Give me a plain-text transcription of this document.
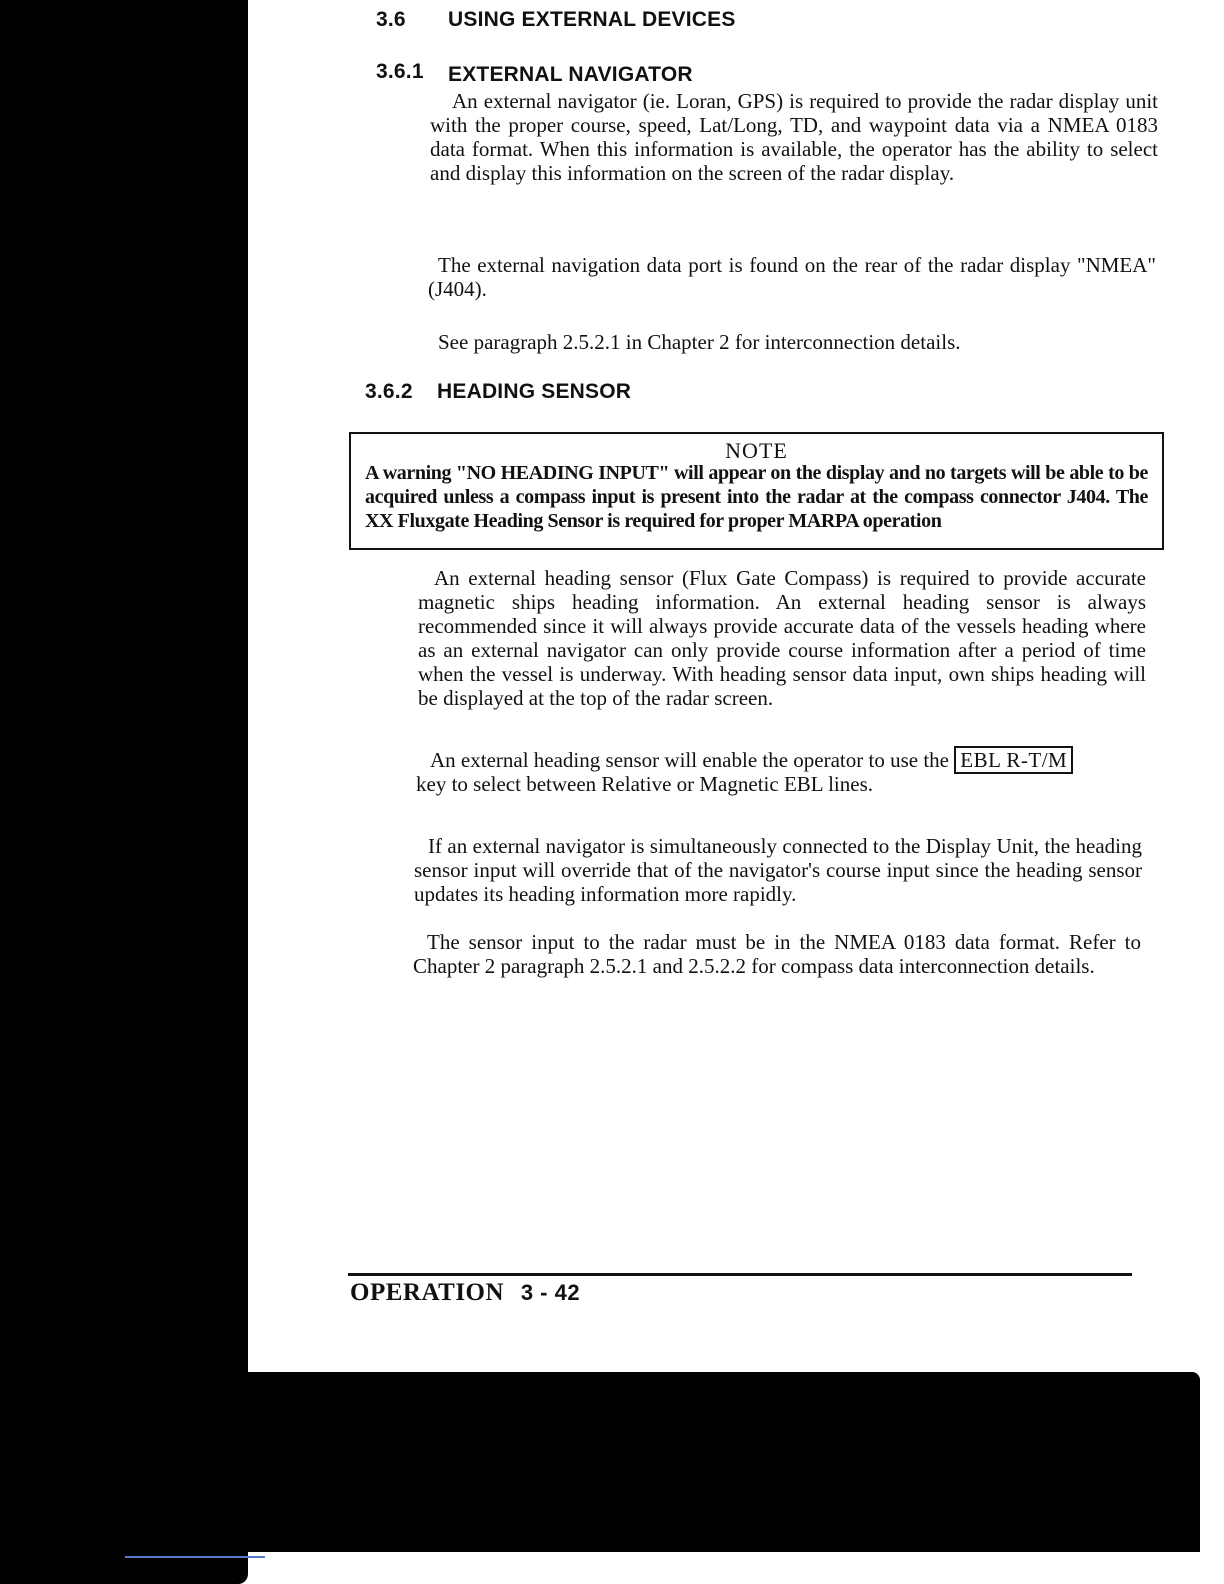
3.6 USING EXTERNAL DEVICES
3.6.1 EXTERNAL NAVIGATOR

An external navigator (ie. Loran, GPS) is required to provide the radar display unit with the proper course, speed, Lat/Long, TD, and waypoint data via a NMEA 0183 data format. When this information is available, the operator has the ability to select and display this information on the screen of the radar display.

The external navigation data port is found on the rear of the radar display "NMEA" (J404).

See paragraph 2.5.2.1 in Chapter 2 for interconnection details.

3.6.2 HEADING SENSOR
NOTE
A warning "NO HEADING INPUT" will appear on the display and no targets will be able to be acquired unless a compass input is present into the radar at the compass connector J404. The XX Fluxgate Heading Sensor is required for proper MARPA operation

An external heading sensor (Flux Gate Compass) is required to provide accurate magnetic ships heading information. An external heading sensor is always recommended since it will always provide accurate data of the vessels heading where as an external navigator can only provide course information after a period of time when the vessel is underway. With heading sensor data input, own ships heading will be displayed at the top of the radar screen.

An external heading sensor will enable the operator to use the EBL R-T/M
key to select between Relative or Magnetic EBL lines.

If an external navigator is simultaneously connected to the Display Unit, the heading sensor input will override that of the navigator's course input since the heading sensor updates its heading information more rapidly.

The sensor input to the radar must be in the NMEA 0183 data format. Refer to Chapter 2 paragraph 2.5.2.1 and 2.5.2.2 for compass data interconnection details.

OPERATION 3 - 42
